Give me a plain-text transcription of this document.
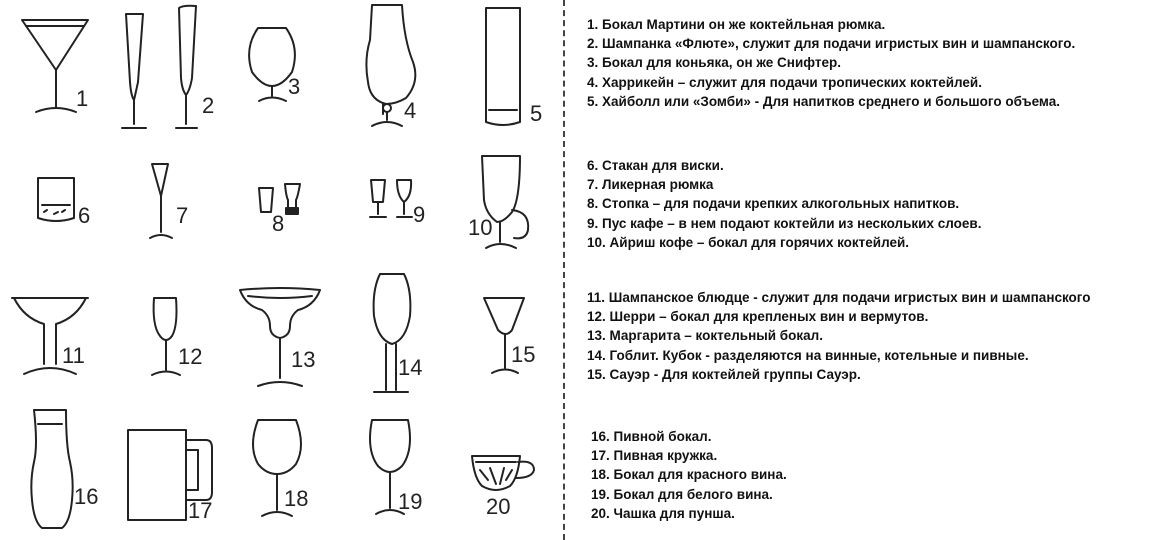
1	2
3
4	5
6	7	8	9
10
11	12	13	14
15
16
17	18	19	20
1. Бокал Мартини он же коктейльная рюмка.
2. Шампанка «Флюте», служит для подачи игристых вин и шампанского.
3. Бокал для коньяка, он же Снифтер.
4. Харрикейн – служит для подачи тропических коктейлей.
5. Хайболл или «Зомби» - Для напитков среднего и большого объема.
6. Стакан для виски.
7. Ликерная рюмка
8. Стопка – для подачи крепких алкогольных напитков.
9. Пус кафе – в нем подают коктейли из нескольких слоев.
10. Айриш кофе – бокал для горячих коктейлей.
11. Шампанское блюдце - служит для подачи игристых вин и шампанского
12. Шерри – бокал для крепленых вин и вермутов.
13. Маргарита – коктельный бокал.
14. Гоблит. Кубок - разделяются на винные, котельные и пивные.
15. Сауэр - Для коктейлей группы Сауэр.
16. Пивной бокал.
17. Пивная кружка.
18. Бокал для красного вина.
19. Бокал для белого вина.
20. Чашка для пунша.
